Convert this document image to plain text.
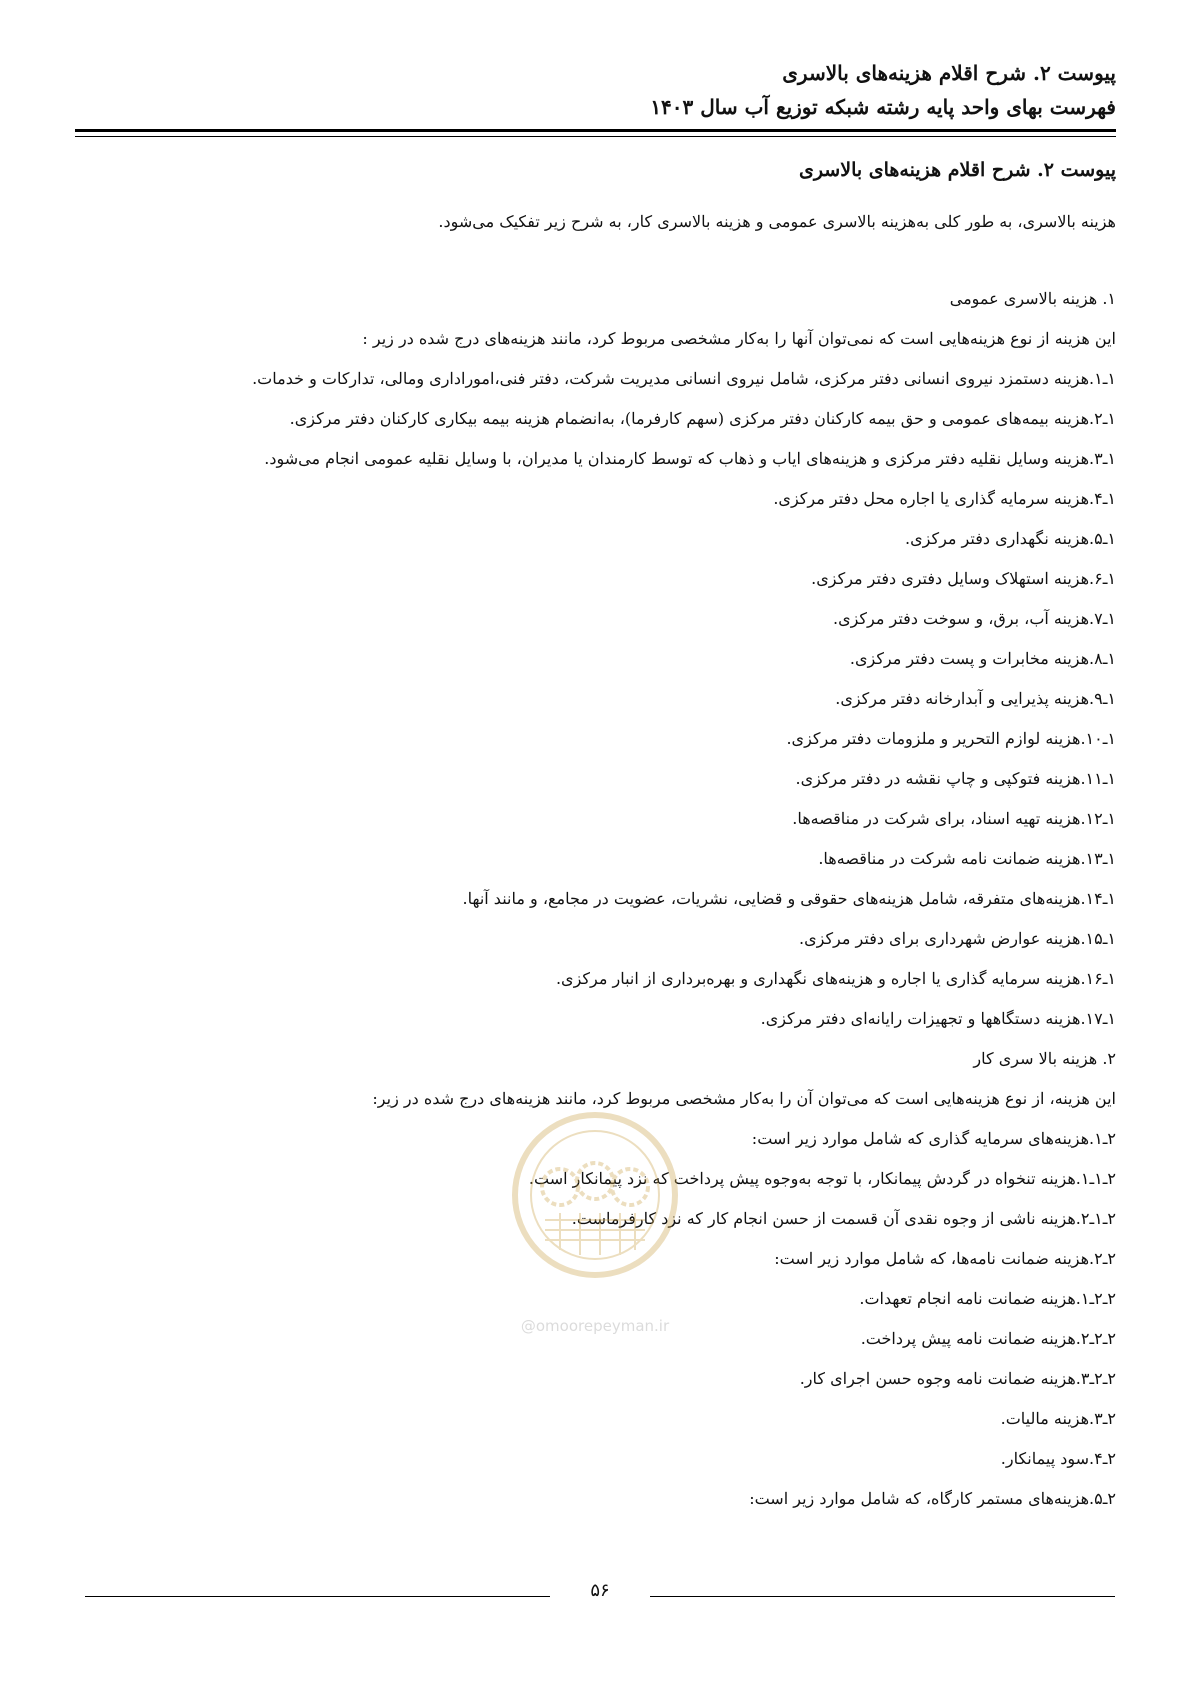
پیوست ۲. شرح اقلام هزینه‌های بالاسری
فهرست بهای واحد پایه رشته شبکه توزیع آب سال ۱۴۰۳
پیوست ۲. شرح اقلام هزینه‌های بالاسری
هزینه بالاسری، به طور کلی به‌هزینه بالاسری عمومی و هزینه بالاسری کار، به شرح زیر تفکیک می‌شود.
۱. هزینه بالاسری عمومی
این هزینه از نوع هزینه‌هایی است که نمی‌توان آنها را به‌کار مشخصی مربوط کرد، مانند هزینه‌های درج شده در زیر :
۱ـ۱.هزینه دستمزد نیروی انسانی دفتر مرکزی، شامل نیروی انسانی مدیریت شرکت، دفتر فنی،اموراداری ومالی، تدارکات و خدمات.
۱ـ۲.هزینه بیمه‌های عمومی و حق بیمه کارکنان دفتر مرکزی (سهم کارفرما)، به‌انضمام هزینه بیمه بیکاری کارکنان دفتر مرکزی.
۱ـ۳.هزینه وسایل نقلیه دفتر مرکزی و هزینه‌های ایاب و ذهاب که توسط کارمندان یا مدیران، با وسایل نقلیه عمومی انجام می‌شود.
۱ـ۴.هزینه سرمایه گذاری یا اجاره محل دفتر مرکزی.
۱ـ۵.هزینه نگهداری دفتر مرکزی.
۱ـ۶.هزینه استهلاک وسایل دفتری دفتر مرکزی.
۱ـ۷.هزینه آب، برق، و سوخت دفتر مرکزی.
۱ـ۸.هزینه مخابرات و پست دفتر مرکزی.
۱ـ۹.هزینه پذیرایی و آبدارخانه دفتر مرکزی.
۱ـ۱۰.هزینه لوازم التحریر و ملزومات دفتر مرکزی.
۱ـ۱۱.هزینه فتوکپی و چاپ نقشه در دفتر مرکزی.
۱ـ۱۲.هزینه تهیه اسناد، برای شرکت در مناقصه‌ها.
۱ـ۱۳.هزینه ضمانت نامه شرکت در مناقصه‌ها.
۱ـ۱۴.هزینه‌های متفرقه، شامل هزینه‌های حقوقی و قضایی، نشریات، عضویت در مجامع، و مانند آنها.
۱ـ۱۵.هزینه عوارض شهرداری برای دفتر مرکزی.
۱ـ۱۶.هزینه سرمایه گذاری یا اجاره و هزینه‌های نگهداری و بهره‌برداری از انبار مرکزی.
۱ـ۱۷.هزینه دستگاهها و تجهیزات رایانه‌ای دفتر مرکزی.
۲. هزینه بالا سری کار
این هزینه، از نوع هزینه‌هایی است که می‌توان آن را به‌کار مشخصی مربوط کرد، مانند هزینه‌های درج شده در زیر:
۲ـ۱.هزینه‌های سرمایه گذاری که شامل موارد زیر است:
۲ـ۱ـ۱.هزینه تنخواه در گردش پیمانکار، با توجه به‌وجوه پیش پرداخت که نزد پیمانکار است.
۲ـ۱ـ۲.هزینه ناشی از وجوه نقدی آن قسمت از حسن انجام کار که نزد کارفرماست.
۲ـ۲.هزینه ضمانت نامه‌ها، که شامل موارد زیر است:
۲ـ۲ـ۱.هزینه ضمانت نامه انجام تعهدات.
۲ـ۲ـ۲.هزینه ضمانت نامه پیش پرداخت.
۲ـ۲ـ۳.هزینه ضمانت نامه وجوه حسن اجرای کار.
۲ـ۳.هزینه مالیات.
۲ـ۴.سود پیمانکار.
۲ـ۵.هزینه‌های مستمر کارگاه، که شامل موارد زیر است:
@omoorepeyman.ir
۵۶
